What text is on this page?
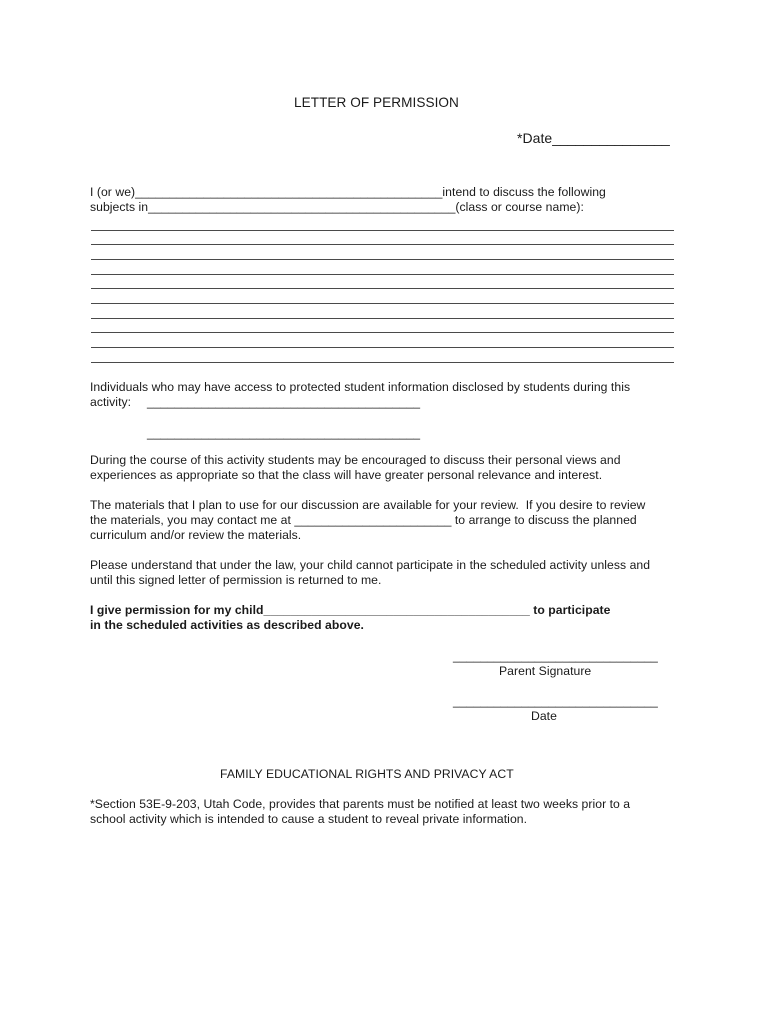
LETTER OF PERMISSION
*Date_______________
I (or we)_____________________________________________intend to discuss the following
subjects in_____________________________________________(class or course name):
Individuals who may have access to protected student information disclosed by students during this
activity: ________________________________________
________________________________________
During the course of this activity students may be encouraged to discuss their personal views and
experiences as appropriate so that the class will have greater personal relevance and interest.
The materials that I plan to use for our discussion are available for your review.  If you desire to review
the materials, you may contact me at _______________________ to arrange to discuss the planned
curriculum and/or review the materials.
Please understand that under the law, your child cannot participate in the scheduled activity unless and
until this signed letter of permission is returned to me.
I give permission for my child_______________________________________ to participate
in the scheduled activities as described above.
______________________________
Parent Signature
______________________________
Date
FAMILY EDUCATIONAL RIGHTS AND PRIVACY ACT
*Section 53E-9-203, Utah Code, provides that parents must be notified at least two weeks prior to a
school activity which is intended to cause a student to reveal private information.
